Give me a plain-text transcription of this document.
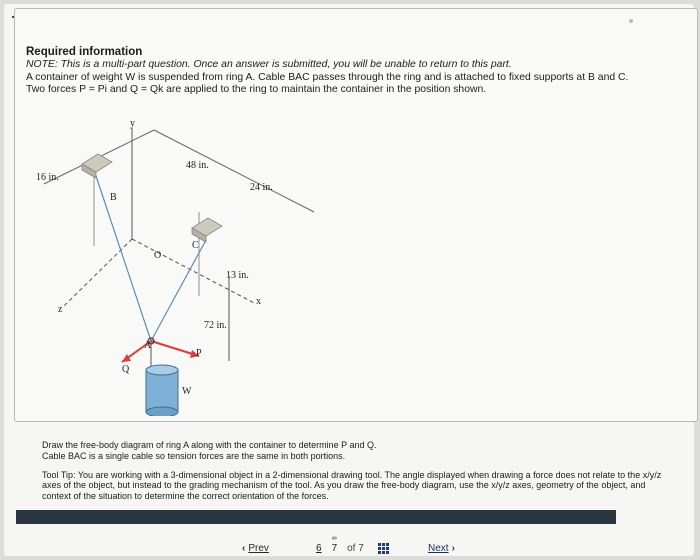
Required information
NOTE: This is a multi-part question. Once an answer is submitted, you will be unable to return to this part.
A container of weight W is suspended from ring A. Cable BAC passes through the ring and is attached to fixed supports at B and C. Two forces P = Pi and Q = Qk are applied to the ring to maintain the container in the position shown.
y
16 in.
48 in.
24 in.
B
C
O
13 in.
x
z
72 in.
A
P
Q
W

Draw the free-body diagram of ring A along with the container to determine P and Q.
Cable BAC is a single cable so tension forces are the same in both portions.

Tool Tip: You are working with a 3-dimensional object in a 2-dimensional drawing tool. The angle displayed when drawing a force does not relate to the x/y/z axes of the object, but instead to the grading mechanism of the tool. As you draw the free-body diagram, use the x/y/z axes, geometry of the object, and context of the situation to determine the correct orientation of the forces.

‹ Prev	6
∞
7 of 7	Next ›
